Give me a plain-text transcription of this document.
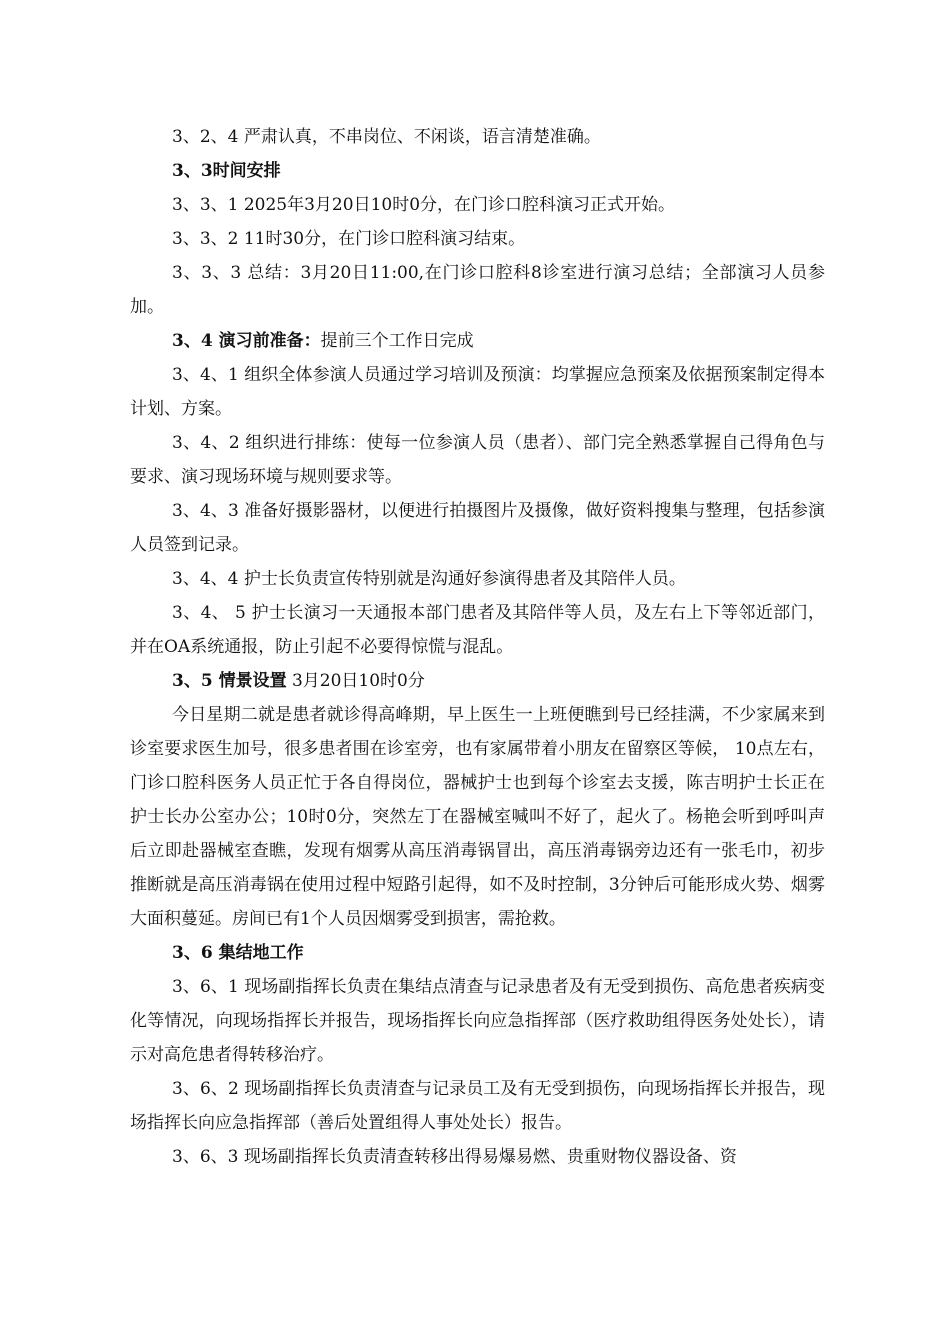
3、2、4 严肃认真，不串岗位、不闲谈，语言清楚准确。

3、3时间安排

3、3、1 2025年3月20日10时0分，在门诊口腔科演习正式开始。

3、3、2 11时30分，在门诊口腔科演习结束。

3、3、3 总结：3月20日11:00,在门诊口腔科8诊室进行演习总结；全部演习人员参加。

3、4 演习前准备：提前三个工作日完成

3、4、1 组织全体参演人员通过学习培训及预演：均掌握应急预案及依据预案制定得本计划、方案。

3、4、2 组织进行排练：使每一位参演人员（患者）、部门完全熟悉掌握自己得角色与要求、演习现场环境与规则要求等。

3、4、3 准备好摄影器材，以便进行拍摄图片及摄像，做好资料搜集与整理，包括参演人员签到记录。

3、4、4 护士长负责宣传特别就是沟通好参演得患者及其陪伴人员。

3、4、 5 护士长演习一天通报本部门患者及其陪伴等人员，及左右上下等邻近部门，并在OA系统通报，防止引起不必要得惊慌与混乱。

3、5 情景设置 3月20日10时0分

今日星期二就是患者就诊得高峰期，早上医生一上班便瞧到号已经挂满，不少家属来到诊室要求医生加号，很多患者围在诊室旁，也有家属带着小朋友在留察区等候， 10点左右，门诊口腔科医务人员正忙于各自得岗位，器械护士也到每个诊室去支援，陈吉明护士长正在护士长办公室办公；10时0分，突然左丁在器械室喊叫不好了，起火了。杨艳会听到呼叫声后立即赴器械室查瞧，发现有烟雾从高压消毒锅冒出，高压消毒锅旁边还有一张毛巾，初步推断就是高压消毒锅在使用过程中短路引起得，如不及时控制，3分钟后可能形成火势、烟雾大面积蔓延。房间已有1个人员因烟雾受到损害，需抢救。

3、6 集结地工作

3、6、1 现场副指挥长负责在集结点清查与记录患者及有无受到损伤、高危患者疾病变化等情况，向现场指挥长并报告，现场指挥长向应急指挥部（医疗救助组得医务处处长），请示对高危患者得转移治疗。

3、6、2 现场副指挥长负责清查与记录员工及有无受到损伤，向现场指挥长并报告，现场指挥长向应急指挥部（善后处置组得人事处处长）报告。

3、6、3 现场副指挥长负责清查转移出得易爆易燃、贵重财物仪器设备、资
